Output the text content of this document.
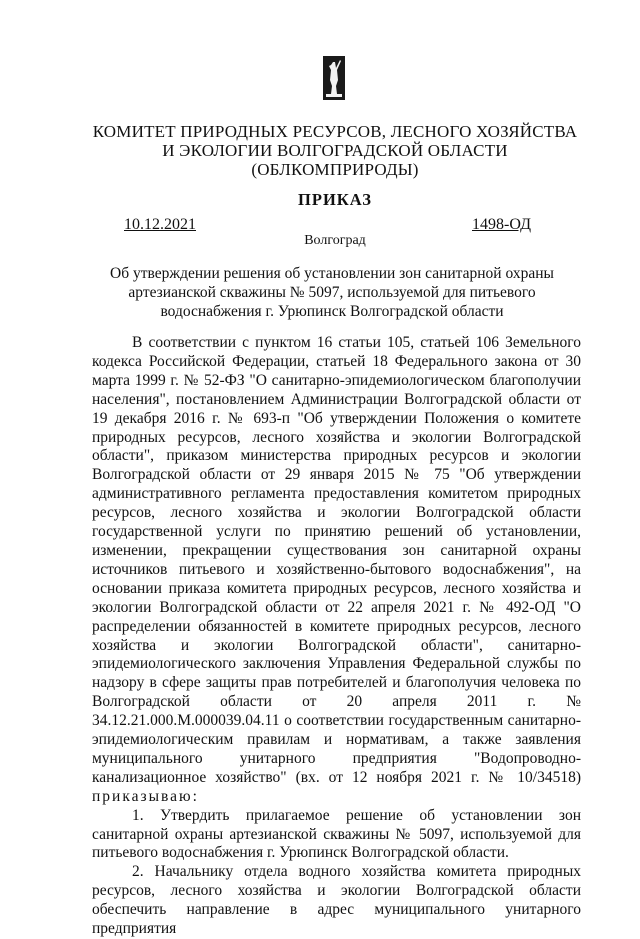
КОМИТЕТ ПРИРОДНЫХ РЕСУРСОВ, ЛЕСНОГО ХОЗЯЙСТВА
И ЭКОЛОГИИ ВОЛГОГРАДСКОЙ ОБЛАСТИ
(ОБЛКОМПРИРОДЫ)
ПРИКАЗ
10.12.2021	1498-ОД
Волгоград
Об утверждении решения об установлении зон санитарной охраны
артезианской скважины № 5097, используемой для питьевого
водоснабжения г. Урюпинск Волгоградской области

В соответствии с пунктом 16 статьи 105, статьей 106 Земельного кодекса Российской Федерации, статьей 18 Федерального закона от 30 марта 1999 г. № 52-ФЗ "О санитарно-эпидемиологическом благополучии населения", постановлением Администрации Волгоградской области от 19 декабря 2016 г. № 693-п "Об утверждении Положения о комитете природных ресурсов, лесного хозяйства и экологии Волгоградской области", приказом министерства природных ресурсов и экологии Волгоградской области от 29 января 2015 № 75 "Об утверждении административного регламента предоставления комитетом природных ресурсов, лесного хозяйства и экологии Волгоградской области государственной услуги по принятию решений об установлении, изменении, прекращении существования зон санитарной охраны источников питьевого и хозяйственно-бытового водоснабжения", на основании приказа комитета природных ресурсов, лесного хозяйства и экологии Волгоградской области от 22 апреля 2021 г. № 492-ОД "О распределении обязанностей в комитете природных ресурсов, лесного хозяйства и экологии Волгоградской области", санитарно-эпидемиологического заключения Управления Федеральной службы по надзору в сфере защиты прав потребителей и благополучия человека по Волгоградской области от 20 апреля 2011 г. № 34.12.21.000.М.000039.04.11 о соответствии государственным санитарно-эпидемиологическим правилам и нормативам, а также заявления муниципального унитарного предприятия "Водопроводно-канализационное хозяйство" (вх. от 12 ноября 2021 г. № 10/34518) приказываю:

1. Утвердить прилагаемое решение об установлении зон санитарной охраны артезианской скважины № 5097, используемой для питьевого водоснабжения г. Урюпинск Волгоградской области.

2. Начальнику отдела водного хозяйства комитета природных ресурсов, лесного хозяйства и экологии Волгоградской области обеспечить направление в адрес муниципального унитарного предприятия
